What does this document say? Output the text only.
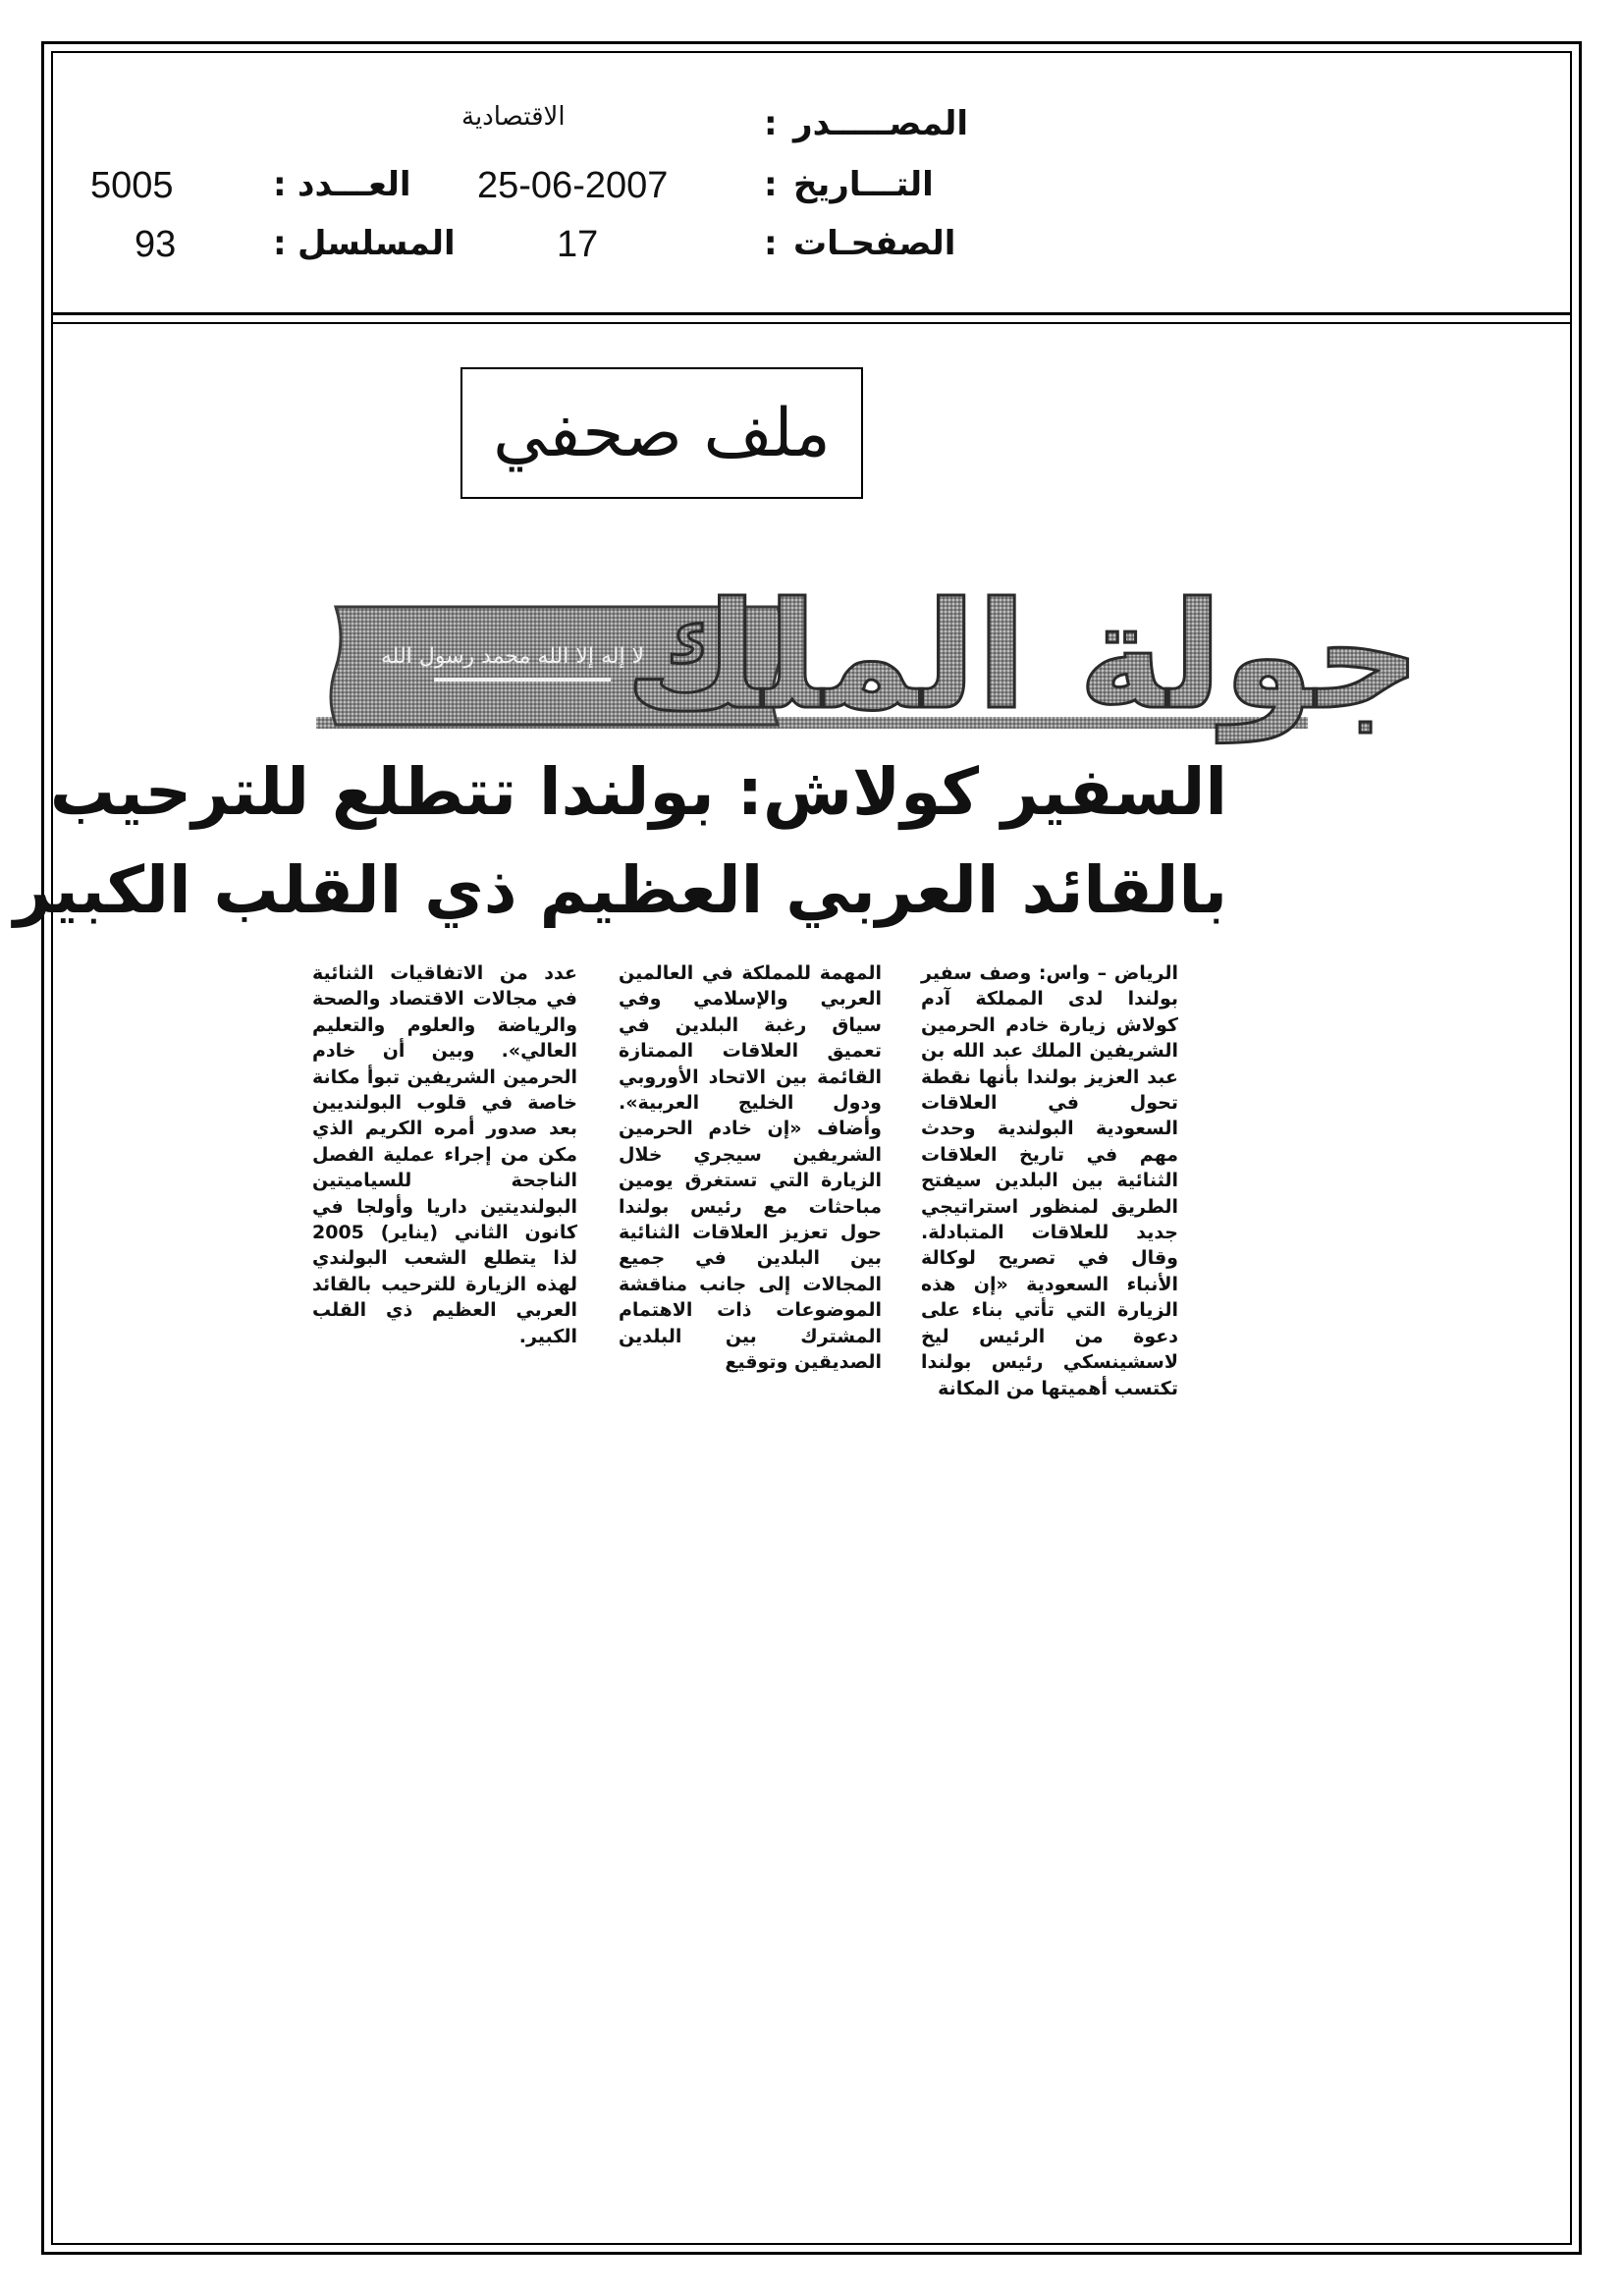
المصـــــدر
:
الاقتصادية
التـــاريخ
:
25-06-2007
العـــدد
:
5005
الصفحـات
:
17
المسلسل
:
93
ملف صحفي
لا إله إلا الله محمد رسول الله
جولة الملك
السفير كولاش: بولندا تتطلع للترحيب
بالقائد العربي العظيم ذي القلب الكبير
الرياض – واس: وصف سفير بولندا لدى المملكة آدم كولاش زيارة خادم الحرمين الشريفين الملك عبد الله بن عبد العزيز بولندا بأنها نقطة تحول في العلاقات السعودية البولندية وحدث مهم في تاريخ العلاقات الثنائية بين البلدين سيفتح الطريق لمنظور استراتيجي جديد للعلاقات المتبادلة. وقال في تصريح لوكالة الأنباء السعودية «إن هذه الزيارة التي تأتي بناء على دعوة من الرئيس ليخ لاسشينسكي رئيس بولندا تكتسب أهميتها من المكانة
المهمة للمملكة في العالمين العربي والإسلامي وفي سياق رغبة البلدين في تعميق العلاقات الممتازة القائمة بين الاتحاد الأوروبي ودول الخليج العربية». وأضاف «إن خادم الحرمين الشريفين سيجري خلال الزيارة التي تستغرق يومين مباحثات مع رئيس بولندا حول تعزيز العلاقات الثنائية بين البلدين في جميع المجالات إلى جانب مناقشة الموضوعات ذات الاهتمام المشترك بين البلدين الصديقين وتوقيع
عدد من الاتفاقيات الثنائية في مجالات الاقتصاد والصحة والرياضة والعلوم والتعليم العالي». وبين أن خادم الحرمين الشريفين تبوأ مكانة خاصة في قلوب البولنديين بعد صدور أمره الكريم الذي مكن من إجراء عملية الفصل الناجحة للسياميتين البولنديتين داريا وأولجا في كانون الثاني (يناير) 2005 لذا يتطلع الشعب البولندي لهذه الزيارة للترحيب بالقائد العربي العظيم ذي القلب الكبير.
